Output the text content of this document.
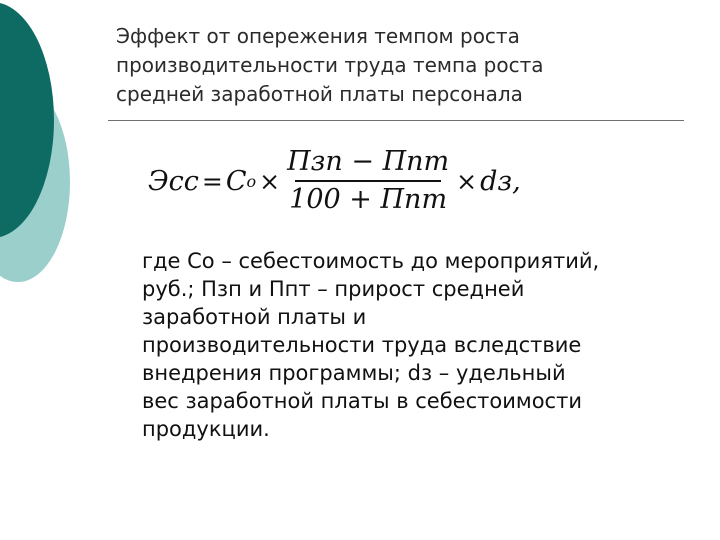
Эффект от опережения темпом роста
производительности труда темпа роста
средней заработной платы персонала
Эсс = С $о \times \frac{\text{Пзп − Ппт}}{\text{100 + Ппт}}$ × dз,
где Со – себестоимость до мероприятий,
руб.; Пзп и Ппт – прирост средней
заработной платы и
производительности труда вследствие
внедрения программы; dз – удельный
вес заработной платы в себестоимости
продукции.
